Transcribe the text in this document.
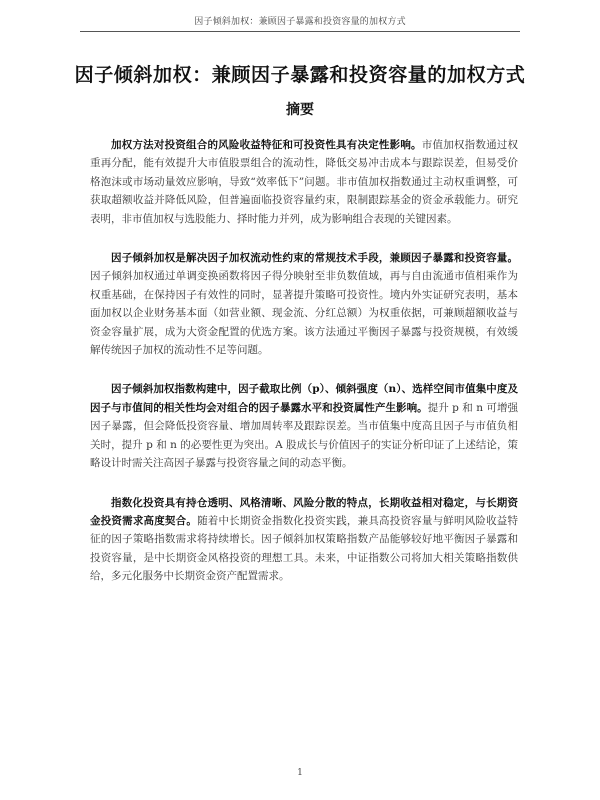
因子倾斜加权：兼顾因子暴露和投资容量的加权方式
因子倾斜加权：兼顾因子暴露和投资容量的加权方式
摘要

加权方法对投资组合的风险收益特征和可投资性具有决定性影响。市值加权指数通过权重再分配，能有效提升大市值股票组合的流动性，降低交易冲击成本与跟踪误差，但易受价格泡沫或市场动量效应影响，导致“效率低下”问题。非市值加权指数通过主动权重调整，可获取超额收益并降低风险，但普遍面临投资容量约束，限制跟踪基金的资金承载能力。研究表明，非市值加权与选股能力、择时能力并列，成为影响组合表现的关键因素。

因子倾斜加权是解决因子加权流动性约束的常规技术手段，兼顾因子暴露和投资容量。因子倾斜加权通过单调变换函数将因子得分映射至非负数值域，再与自由流通市值相乘作为权重基础，在保持因子有效性的同时，显著提升策略可投资性。境内外实证研究表明，基本面加权以企业财务基本面（如营业额、现金流、分红总额）为权重依据，可兼顾超额收益与资金容量扩展，成为大资金配置的优选方案。该方法通过平衡因子暴露与投资规模，有效缓解传统因子加权的流动性不足等问题。

因子倾斜加权指数构建中，因子截取比例（p）、倾斜强度（n）、选样空间市值集中度及因子与市值间的相关性均会对组合的因子暴露水平和投资属性产生影响。提升 p 和 n 可增强因子暴露，但会降低投资容量、增加周转率及跟踪误差。当市值集中度高且因子与市值负相关时，提升 p 和 n 的必要性更为突出。A 股成长与价值因子的实证分析印证了上述结论，策略设计时需关注高因子暴露与投资容量之间的动态平衡。

指数化投资具有持仓透明、风格清晰、风险分散的特点，长期收益相对稳定，与长期资金投资需求高度契合。随着中长期资金指数化投资实践，兼具高投资容量与鲜明风险收益特征的因子策略指数需求将持续增长。因子倾斜加权策略指数产品能够较好地平衡因子暴露和投资容量，是中长期资金风格投资的理想工具。未来，中证指数公司将加大相关策略指数供给，多元化服务中长期资金资产配置需求。

1
